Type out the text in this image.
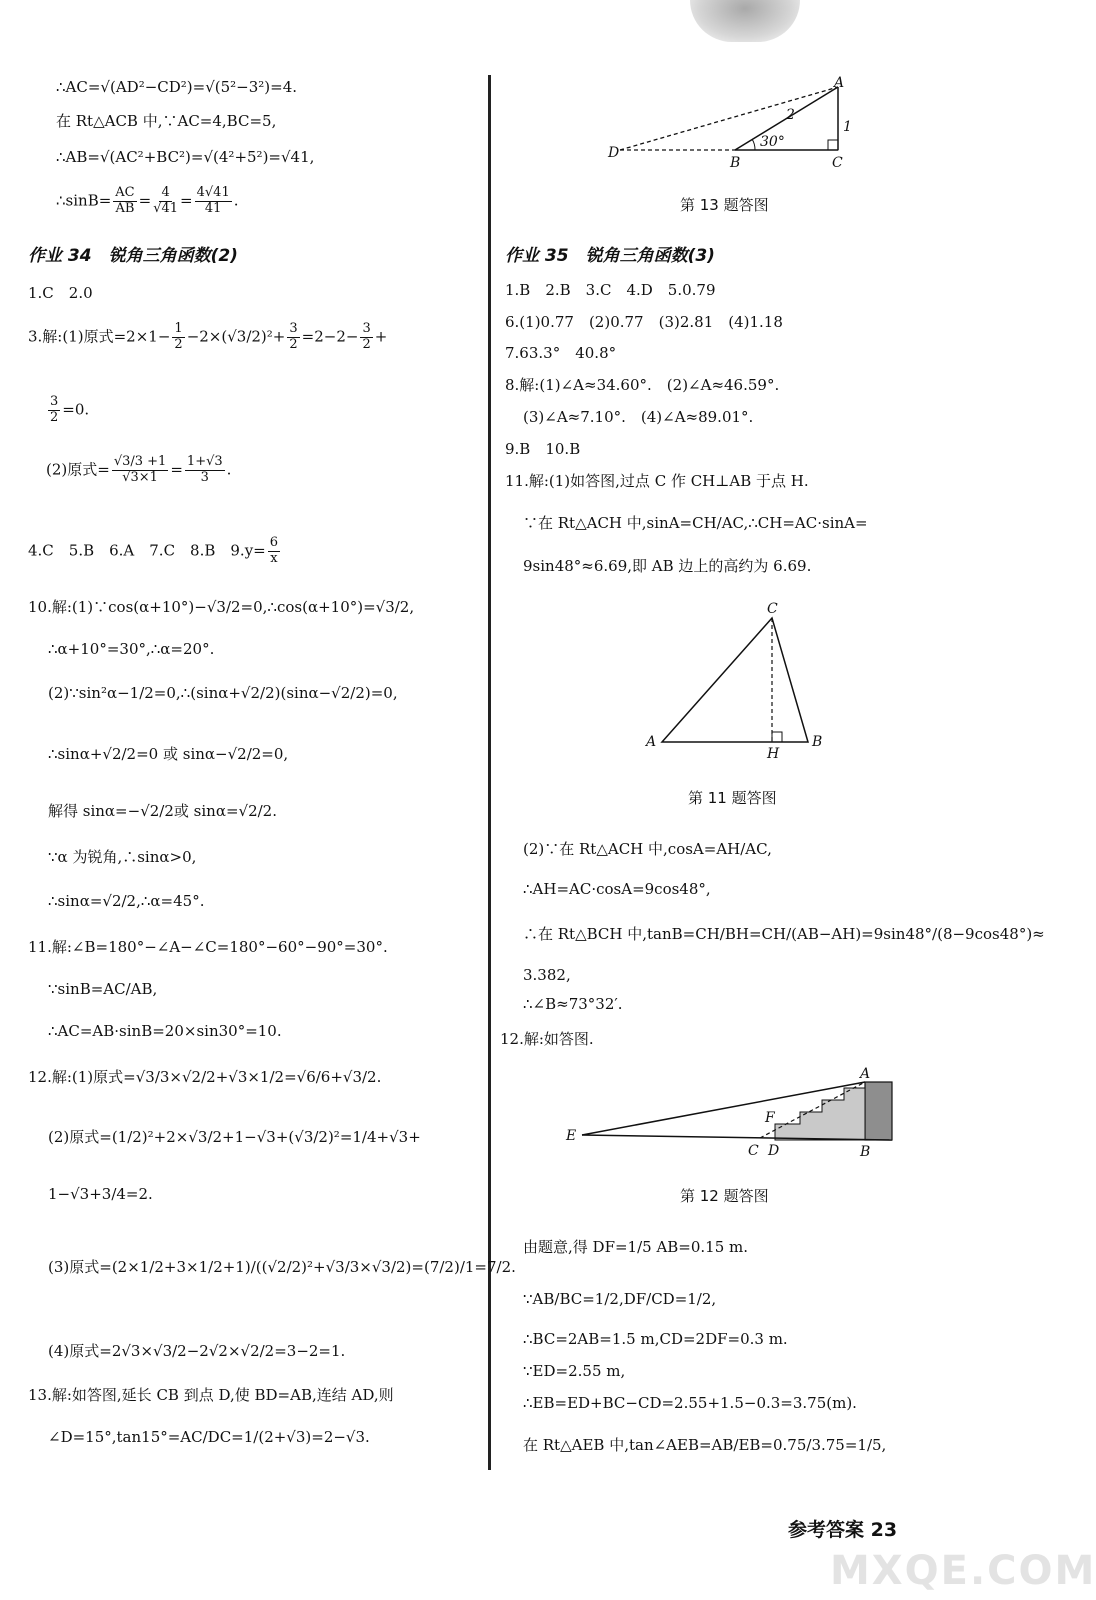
∴AC=√(AD²−CD²)=√(5²−3²)=4.
在 Rt△ACB 中,∵AC=4,BC=5,
∴AB=√(AC²+BC²)=√(4²+5²)=√41,
∴sinB= $\frac{AC}{AB} = \frac{4}{√41} = \frac{4√41}{41}$ .
作业 34　锐角三角函数(2)
1.C　2.0
3.解:(1)原式$=2\times 1- \frac{1}{2} -2\times(√3/2)^2+ \frac{3}{2} =2-2- \frac{3}{2}$ +
$\frac{3}{2} =0$.
(2)原式= $\frac{√3/3 +1}{√3\times 1} = \frac{1+√3}{3}$ .
4.C　5.B　6.A　7.C　8.B　$9.y= \frac{6}{x}$
10.解:(1)∵cos(α+10°)−√3/2=0,∴cos(α+10°)=√3/2,
∴α+10°=30°,∴α=20°.
(2)∵sin²α−1/2=0,∴(sinα+√2/2)(sinα−√2/2)=0,
∴sinα+√2/2=0 或 sinα−√2/2=0,
解得 sinα=−√2/2或 sinα=√2/2.
∵α 为锐角,∴sinα>0,
∴sinα=√2/2,∴α=45°.
11.解:∠B=180°−∠A−∠C=180°−60°−90°=30°.
∵sinB=AC/AB,
∴AC=AB·sinB=20×sin30°=10.
12.解:(1)原式=√3/3×√2/2+√3×1/2=√6/6+√3/2.
(2)原式=(1/2)²+2×√3/2+1−√3+(√3/2)²=1/4+√3+
1−√3+3/4=2.
(3)原式=(2×1/2+3×1/2+1)/((√2/2)²+√3/3×√3/2)=(7/2)/1=7/2.
(4)原式=2√3×√3/2−2√2×√2/2=3−2=1.
13.解:如答图,延长 CB 到点 D,使 BD=AB,连结 AD,则
∠D=15°,tan15°=AC/DC=1/(2+√3)=2−√3.
A
D
B	C
2
1
30°
第 13 题答图
作业 35　锐角三角函数(3)
1.B　2.B　3.C　4.D　5.0.79
6.(1)0.77　(2)0.77　(3)2.81　(4)1.18
7.63.3°　40.8°
8.解:(1)∠A≈34.60°.　(2)∠A≈46.59°.
(3)∠A≈7.10°.　(4)∠A≈89.01°.
9.B　10.B
11.解:(1)如答图,过点 C 作 CH⊥AB 于点 H.
∵在 Rt△ACH 中,sinA=CH/AC,∴CH=AC·sinA=
9sin48°≈6.69,即 AB 边上的高约为 6.69.
(2)∵在 Rt△ACH 中,cosA=AH/AC,
∴AH=AC·cosA=9cos48°,
∴在 Rt△BCH 中,tanB=CH/BH=CH/(AB−AH)=9sin48°/(8−9cos48°)≈
3.382,
∴∠B≈73°32′.
12.解:如答图.
由题意,得 DF=1/5 AB=0.15 m.
∵AB/BC=1/2,DF/CD=1/2,
∴BC=2AB=1.5 m,CD=2DF=0.3 m.
∵ED=2.55 m,
∴EB=ED+BC−CD=2.55+1.5−0.3=3.75(m).
在 Rt△AEB 中,tan∠AEB=AB/EB=0.75/3.75=1/5,
C
A
H
B
第 11 题答图
A
E
F
C D	B
第 12 题答图
参考答案 23
MXQE.COM
